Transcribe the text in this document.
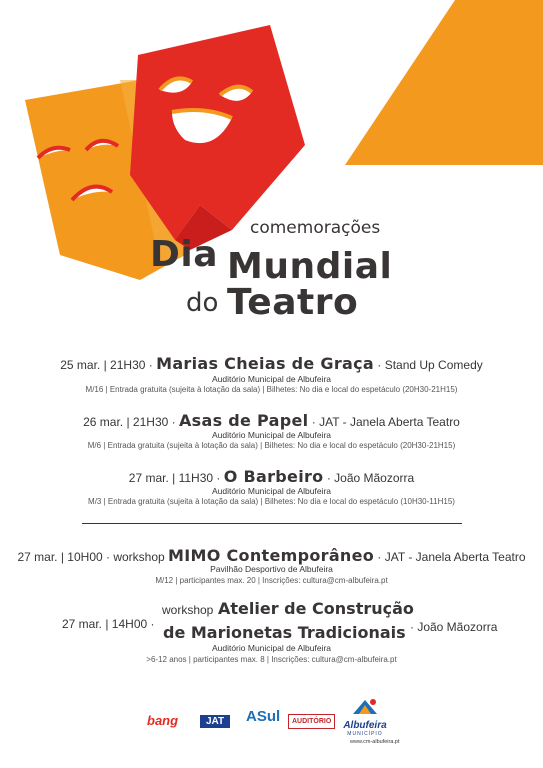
comemorações
Dia Mundial
do Teatro
25 mar. | 21H30 · Marias Cheias de Graça · Stand Up Comedy
Auditório Municipal de Albufeira
M/16 | Entrada gratuita (sujeita à lotação da sala) | Bilhetes: No dia e local do espetáculo (20H30-21H15)
26 mar. | 21H30 · Asas de Papel · JAT - Janela Aberta Teatro
Auditório Municipal de Albufeira
M/6 | Entrada gratuita (sujeita à lotação da sala) | Bilhetes: No dia e local do espetáculo (20H30-21H15)
27 mar. | 11H30 · O Barbeiro · João Mãozorra
Auditório Municipal de Albufeira
M/3 | Entrada gratuita (sujeita à lotação da sala) | Bilhetes: No dia e local do espetáculo (10H30-11H15)
27 mar. | 10H00 · workshop MIMO Contemporâneo · JAT - Janela Aberta Teatro
Pavilhão Desportivo de Albufeira
M/12 | participantes max. 20 | Inscrições: cultura@cm-albufeira.pt
27 mar. | 14H00 ·
workshop Atelier de Construção
de Marionetas Tradicionais · João Mãozorra
Auditório Municipal de Albufeira
>6-12 anos | participantes max. 8 | Inscrições: cultura@cm-albufeira.pt
bang	JAT	ASul	AUDITÓRIO	Albufeira
MUNICÍPIO
www.cm-albufeira.pt
